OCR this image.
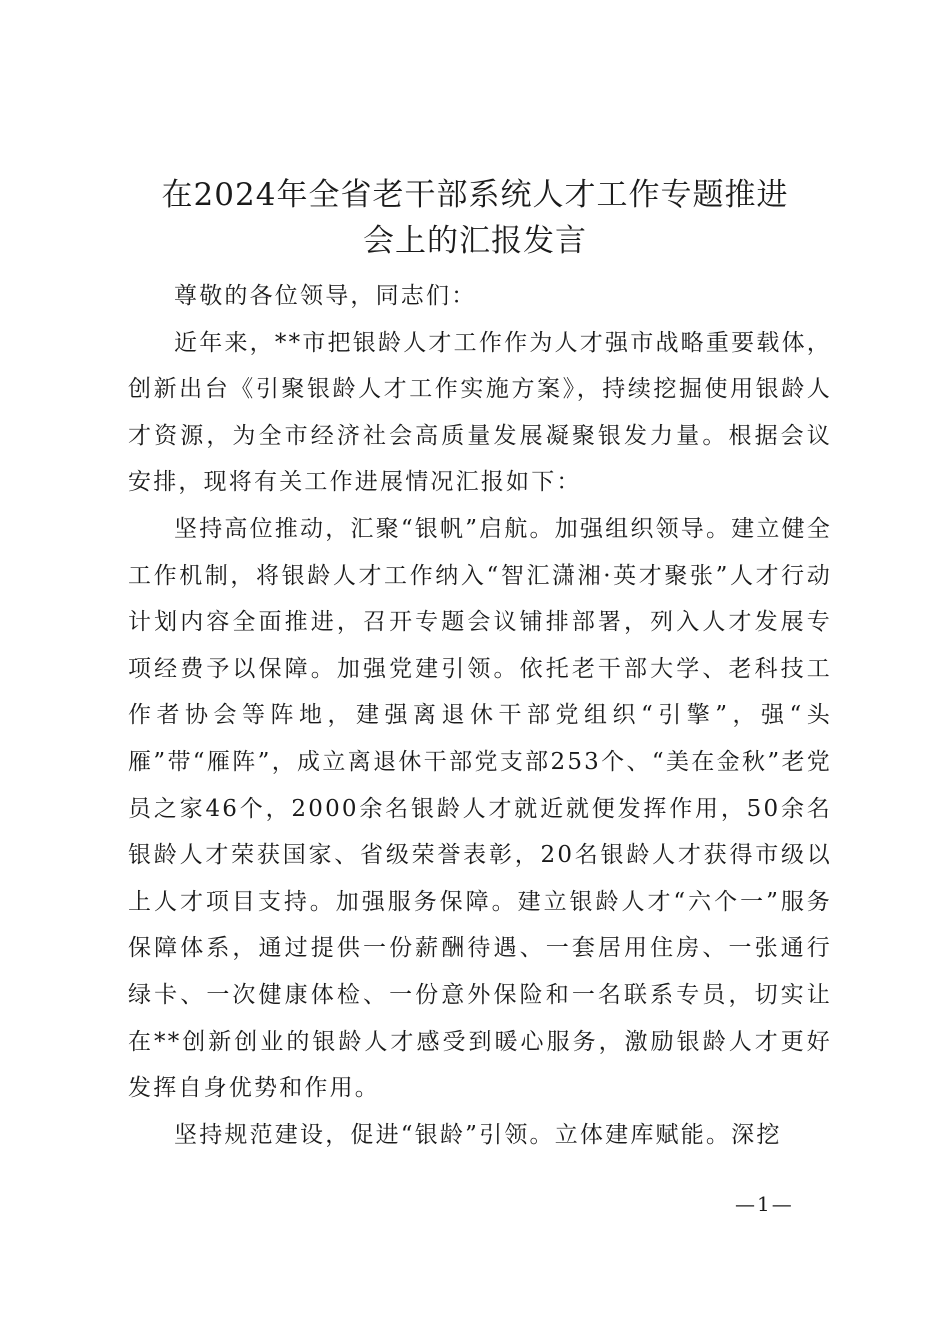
在2024年全省老干部系统人才工作专题推进
会上的汇报发言

尊敬的各位领导，同志们：

近年来，**市把银龄人才工作作为人才强市战略重要载体，创新出台《引聚银龄人才工作实施方案》，持续挖掘使用银龄人才资源，为全市经济社会高质量发展凝聚银发力量。根据会议安排，现将有关工作进展情况汇报如下：

坚持高位推动，汇聚“银帆”启航。加强组织领导。建立健全工作机制，将银龄人才工作纳入“智汇潇湘·英才聚张”人才行动计划内容全面推进，召开专题会议铺排部署，列入人才发展专项经费予以保障。加强党建引领。依托老干部大学、老科技工作者协会等阵地，建强离退休干部党组织“引擎”，强“头雁”带“雁阵”，成立离退休干部党支部253个、“美在金秋”老党员之家46个，2000余名银龄人才就近就便发挥作用，50余名银龄人才荣获国家、省级荣誉表彰，20名银龄人才获得市级以上人才项目支持。加强服务保障。建立银龄人才“六个一”服务保障体系，通过提供一份薪酬待遇、一套居用住房、一张通行绿卡、一次健康体检、一份意外保险和一名联系专员，切实让在**创新创业的银龄人才感受到暖心服务，激励银龄人才更好发挥自身优势和作用。

坚持规范建设，促进“银龄”引领。立体建库赋能。深挖

—1—
